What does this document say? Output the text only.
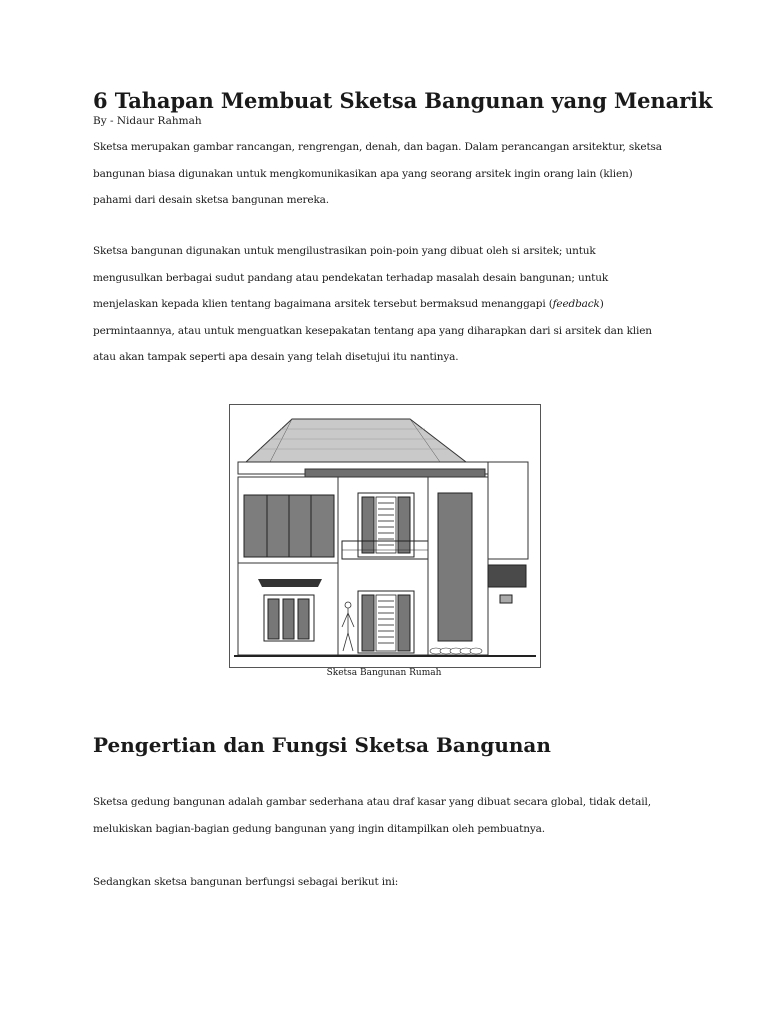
6 Tahapan Membuat Sketsa Bangunan yang Menarik
By - Nidaur Rahmah

Sketsa merupakan gambar rancangan, rengrengan, denah, dan bagan. Dalam perancangan arsitektur, sketsa
bangunan biasa digunakan untuk mengkomunikasikan apa yang seorang arsitek ingin orang lain (klien)
pahami dari desain sketsa bangunan mereka.

Sketsa bangunan digunakan untuk mengilustrasikan poin-poin yang dibuat oleh si arsitek; untuk
mengusulkan berbagai sudut pandang atau pendekatan terhadap masalah desain bangunan; untuk
menjelaskan kepada klien tentang bagaimana arsitek tersebut bermaksud menanggapi (feedback)
permintaannya, atau untuk menguatkan kesepakatan tentang apa yang diharapkan dari si arsitek dan klien
atau akan tampak seperti apa desain yang telah disetujui itu nantinya.

Sketsa Bangunan Rumah
Pengertian dan Fungsi Sketsa Bangunan

Sketsa gedung bangunan adalah gambar sederhana atau draf kasar yang dibuat secara global, tidak detail,
melukiskan bagian-bagian gedung bangunan yang ingin ditampilkan oleh pembuatnya.

Sedangkan sketsa bangunan berfungsi sebagai berikut ini:
